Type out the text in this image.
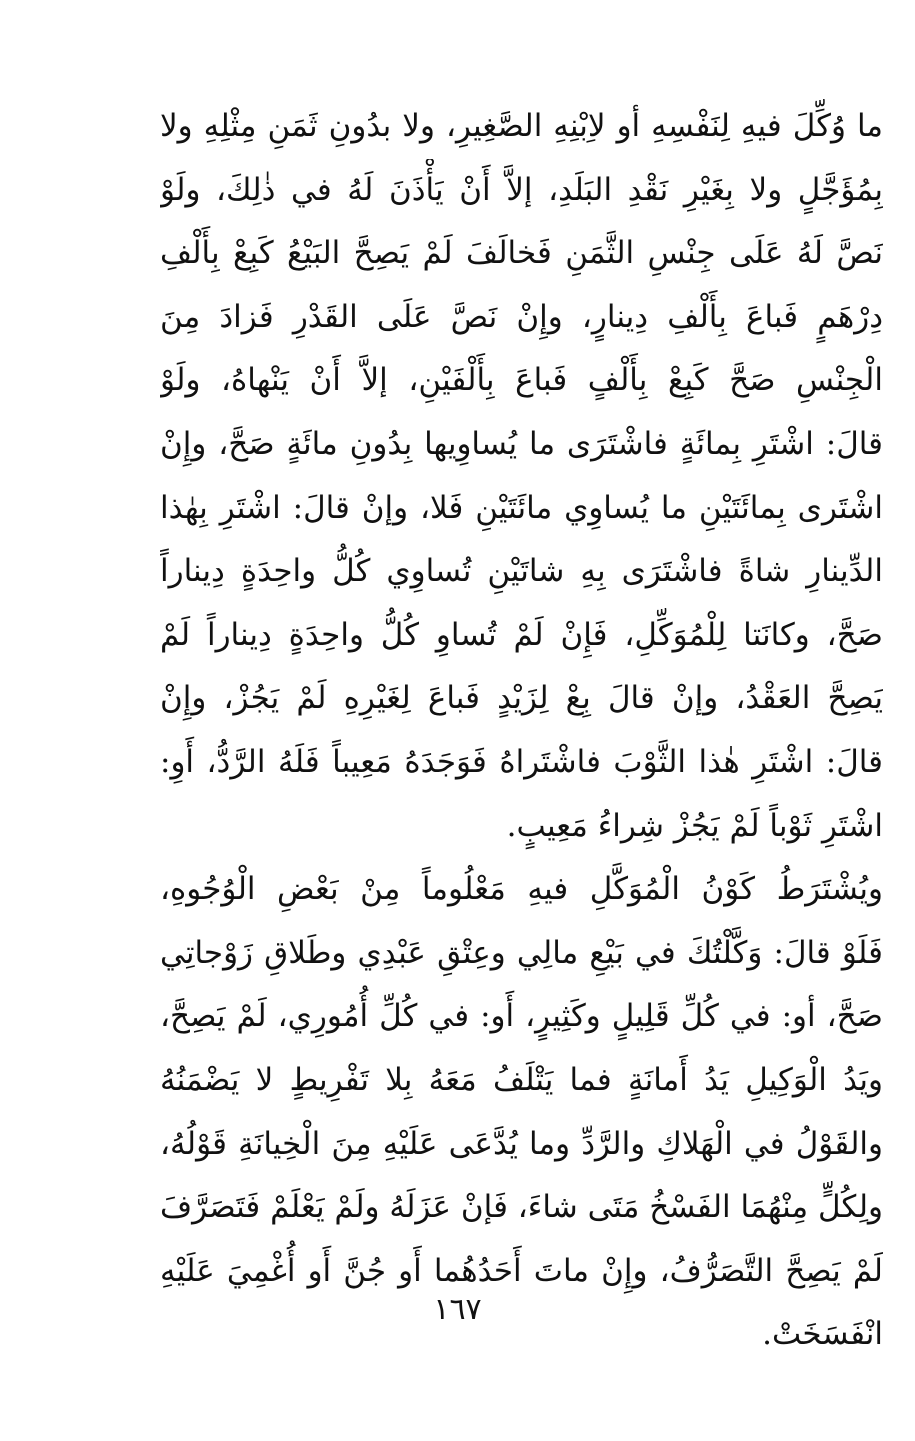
ما وُكِّلَ فيهِ لِنَفْسِهِ أو لاِبْنِهِ الصَّغِيرِ، ولا بدُونِ ثَمَنِ مِثْلِهِ ولا
بِمُؤَجَّلٍ ولا بِغَيْرِ نَقْدِ البَلَدِ، إلاَّ أَنْ يَأْذَنَ لَهُ في ذٰلِكَ، ولَوْ
نَصَّ لَهُ عَلَى جِنْسِ الثَّمَنِ فَخالَفَ لَمْ يَصِحَّ البَيْعُ كَبِعْ بِأَلْفِ
دِرْهَمٍ فَباعَ بِأَلْفِ دِينارٍ، وإِنْ نَصَّ عَلَى القَدْرِ فَزادَ مِنَ
الْجِنْسِ صَحَّ كَبِعْ بِأَلْفٍ فَباعَ بِأَلْفَيْنِ، إلاَّ أَنْ يَنْهاهُ، ولَوْ
قالَ: اشْتَرِ بِمائَةٍ فاشْتَرَى ما يُساوِيها بِدُونِ مائَةٍ صَحَّ، وإِنْ
اشْتَرى بِمائَتَيْنِ ما يُساوِي مائَتَيْنِ فَلا، وإنْ قالَ: اشْتَرِ بِهٰذا
الدِّينارِ شاةً فاشْتَرَى بِهِ شاتَيْنِ تُساوِي كُلُّ واحِدَةٍ دِيناراً
صَحَّ، وكانَتا لِلْمُوَكِّلِ، فَإِنْ لَمْ تُساوِ كُلُّ واحِدَةٍ دِيناراً لَمْ
يَصِحَّ العَقْدُ، وإنْ قالَ بِعْ لِزَيْدٍ فَباعَ لِغَيْرِهِ لَمْ يَجُزْ، وإِنْ
قالَ: اشْتَرِ هٰذا الثَّوْبَ فاشْتَراهُ فَوَجَدَهُ مَعِيباً فَلَهُ الرَّدُّ، أَوِ:
اشْتَرِ ثَوْباً لَمْ يَجُزْ شِراءُ مَعِيبٍ.
ويُشْتَرَطُ كَوْنُ الْمُوَكَّلِ فيهِ مَعْلُوماً مِنْ بَعْضِ الْوُجُوهِ،
فَلَوْ قالَ: وَكَّلْتُكَ في بَيْعِ مالِي وعِتْقِ عَبْدِي وطَلاقِ زَوْجاتِي
صَحَّ، أو: في كُلِّ قَلِيلٍ وكَثِيرٍ، أَو: في كُلِّ أُمُورِي، لَمْ يَصِحَّ،
ويَدُ الْوَكِيلِ يَدُ أَمانَةٍ فما يَتْلَفُ مَعَهُ بِلا تَفْرِيطٍ لا يَضْمَنُهُ
والقَوْلُ في الْهَلاكِ والرَّدِّ وما يُدَّعَى عَلَيْهِ مِنَ الْخِيانَةِ قَوْلُهُ،
ولِكُلٍّ مِنْهُمَا الفَسْخُ مَتَى شاءَ، فَإنْ عَزَلَهُ ولَمْ يَعْلَمْ فَتَصَرَّفَ
لَمْ يَصِحَّ التَّصَرُّفُ، وإِنْ ماتَ أَحَدُهُما أَو جُنَّ أَو أُغْمِيَ عَلَيْهِ
انْفَسَخَتْ.
١٦٧
